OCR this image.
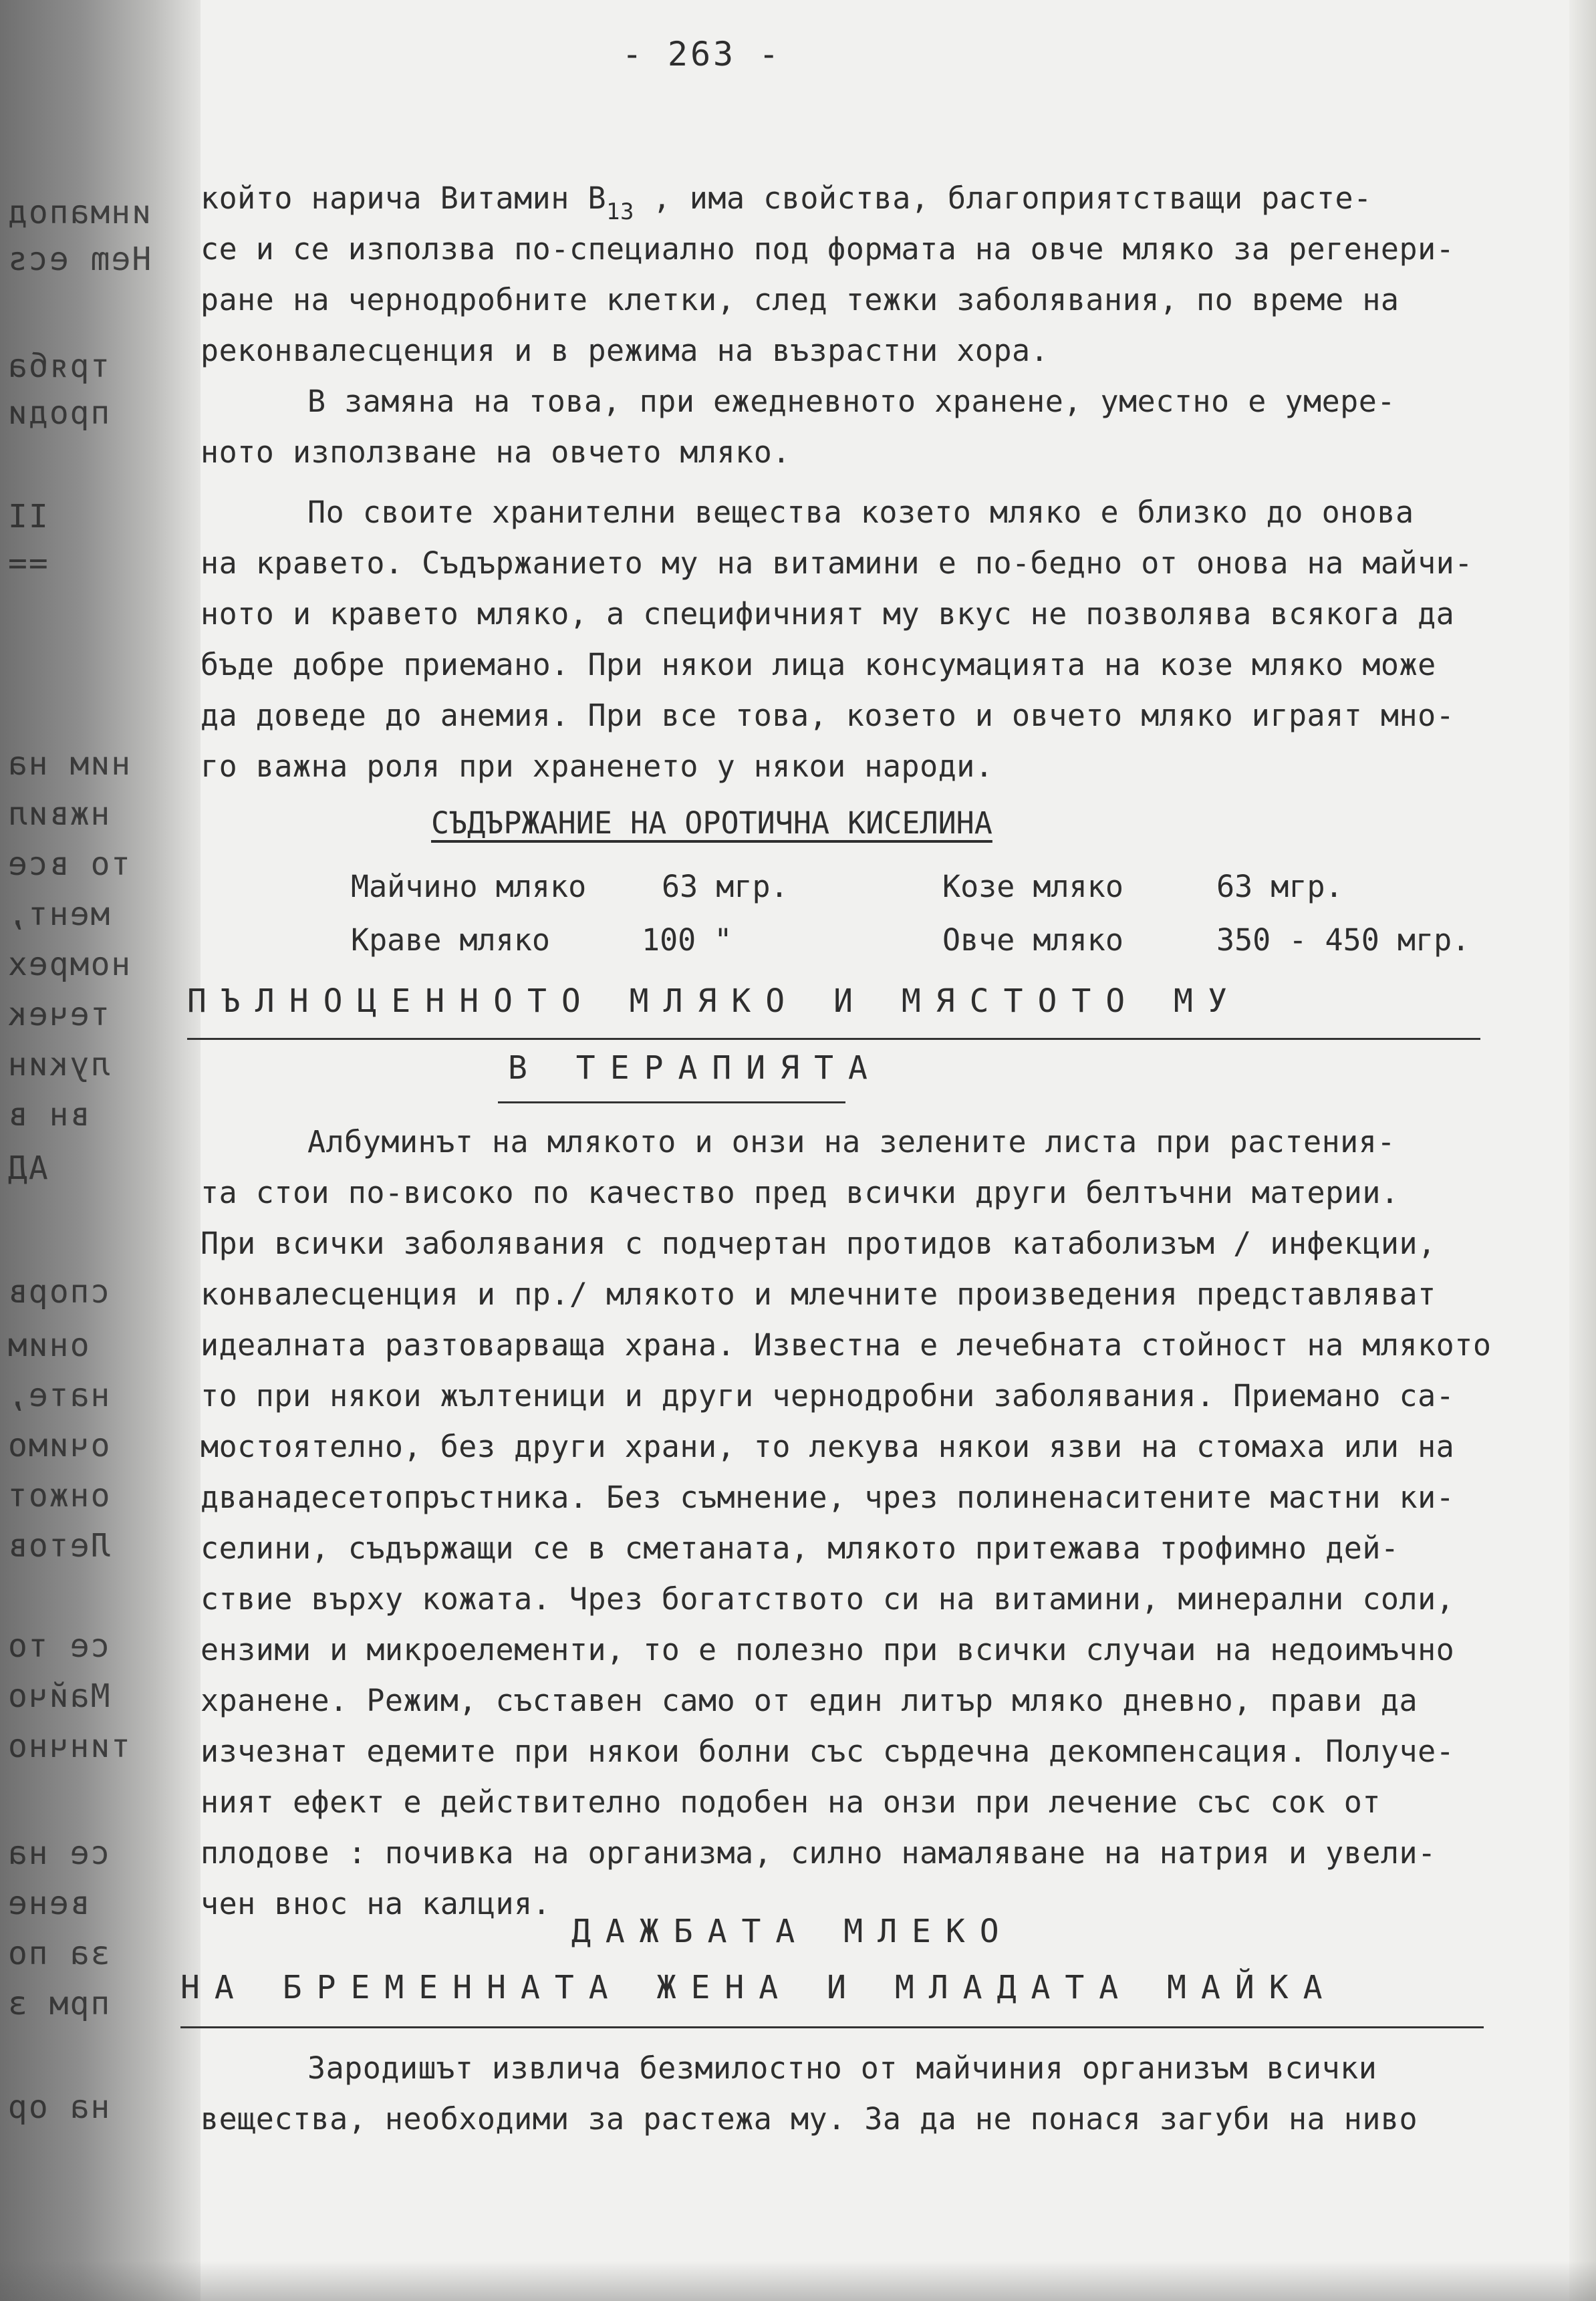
инмапод
Hem ecs
тряба
проди
II
==
ним на
нжвил
то все
мент,
номрех
течек
лукин
вн в
АД
спорв
оним
нате,
очимо
онжот
Летов
се то
Майчо
тинчно
се на
вене
за по
прм з
на ор
- 263 -
който нарича Витамин $B_{13}$ , има свойства, благоприятстващи расте-
се и се използва по-специално под формата на овче мляко за регенери-
ране на чернодробните клетки, след тежки заболявания, по време на
реконвалесценция и в режима на възрастни хора.
В замяна на това, при ежедневното хранене, уместно е умере-
ното използване на овчето мляко.
По своите хранителни вещества козето мляко е близко до онова
на кравето. Съдържанието му на витамини е по-бедно от онова на майчи-
ното и кравето мляко, а специфичният му вкус не позволява всякога да
бъде добре приемано. При някои лица консумацията на козе мляко може
да доведе до анемия. При все това, козето и овчето мляко играят мно-
го важна роля при храненето у някои народи.
СЪДЪРЖАНИЕ НА ОРОТИЧНА КИСЕЛИНА
Майчино мляко	63 мгр.	Козе мляко	63 мгр.
Краве мляко	100 "	Овче мляко	350 - 450 мгр.
ПЪЛНОЦЕННОТО МЛЯКО И МЯСТОТО МУ
В ТЕРАПИЯТА
Албуминът на млякото и онзи на зелените листа при растения-
та стои по-високо по качество пред всички други белтъчни материи.
При всички заболявания с подчертан протидов катаболизъм / инфекции,
конвалесценция и пр./ млякото и млечните произведения представляват
идеалната разтоварваща храна. Известна е лечебната стойност на млякото
то при някои жълтеници и други чернодробни заболявания. Приемано са-
мостоятелно, без други храни, то лекува някои язви на стомаха или на
дванадесетопръстника. Без съмнение, чрез полиненаситените мастни ки-
селини, съдържащи се в сметаната, млякото притежава трофимно дей-
ствие върху кожата. Чрез богатството си на витамини, минерални соли,
ензими и микроелементи, то е полезно при всички случаи на недоимъчно
хранене. Режим, съставен само от един литър мляко дневно, прави да
изчезнат едемите при някои болни със сърдечна декомпенсация. Получе-
ният ефект е действително подобен на онзи при лечение със сок от
плодове : почивка на организма, силно намаляване на натрия и увели-
чен внос на калция.
ДАЖБАТА МЛЕКО
НА БРЕМЕННАТА ЖЕНА И МЛАДАТА МАЙКА
Зародишът извлича безмилостно от майчиния организъм всички
вещества, необходими за растежа му. За да не понася загуби на ниво
